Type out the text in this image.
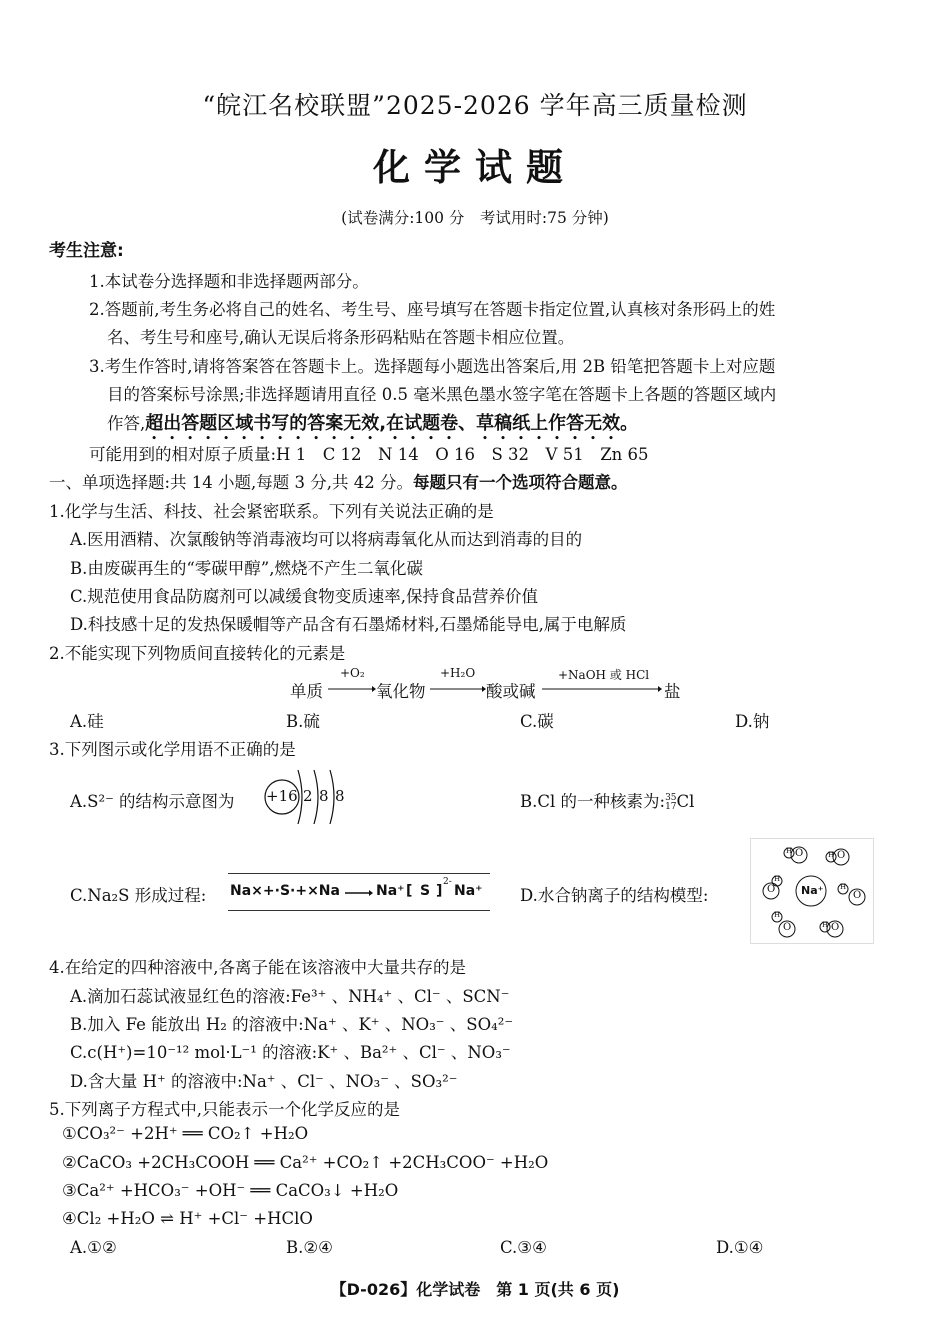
“皖江名校联盟”2025-2026 学年高三质量检测
化学试题
(试卷满分:100 分　考试用时:75 分钟)
考生注意:
1.本试卷分选择题和非选择题两部分。
2.答题前,考生务必将自己的姓名、考生号、座号填写在答题卡指定位置,认真核对条形码上的姓
名、考生号和座号,确认无误后将条形码粘贴在答题卡相应位置。
3.考生作答时,请将答案答在答题卡上。选择题每小题选出答案后,用 2B 铅笔把答题卡上对应题
目的答案标号涂黑;非选择题请用直径 0.5 毫米黑色墨水签字笔在答题卡上各题的答题区域内
作答,超出答题区域书写的答案无效,在试题卷、草稿纸上作答无效。
可能用到的相对原子质量:H 1　C 12　N 14　O 16　S 32　V 51　Zn 65
一、单项选择题:共 14 小题,每题 3 分,共 42 分。每题只有一个选项符合题意。
1.化学与生活、科技、社会紧密联系。下列有关说法正确的是
A.医用酒精、次氯酸钠等消毒液均可以将病毒氧化从而达到消毒的目的
B.由废碳再生的“零碳甲醇”,燃烧不产生二氧化碳
C.规范使用食品防腐剂可以减缓食物变质速率,保持食品营养价值
D.科技感十足的发热保暖帽等产品含有石墨烯材料,石墨烯能导电,属于电解质
2.不能实现下列物质间直接转化的元素是
单质
+O₂
氧化物
+H₂O
酸或碱
+NaOH 或 HCl
盐
A.硅	B.硫	C.碳	D.钠
3.下列图示或化学用语不正确的是
A.S²⁻ 的结构示意图为 +16 2 8 8	B.Cl 的一种核素为:35
17Cl
C.Na₂S 形成过程: Na×+·S·+×Na	Na⁺ [ S ]
2-
Na⁺ D.水合钠离子的结构模型:	Na⁺
O
H	O
H
O
H
O
H
O
H
O
H
4.在给定的四种溶液中,各离子能在该溶液中大量共存的是
A.滴加石蕊试液显红色的溶液:Fe³⁺ 、NH₄⁺ 、Cl⁻ 、SCN⁻
B.加入 Fe 能放出 H₂ 的溶液中:Na⁺ 、K⁺ 、NO₃⁻ 、SO₄²⁻
C.c(H⁺)=10⁻¹² mol·L⁻¹ 的溶液:K⁺ 、Ba²⁺ 、Cl⁻ 、NO₃⁻
D.含大量 H⁺ 的溶液中:Na⁺ 、Cl⁻ 、NO₃⁻ 、SO₃²⁻
5.下列离子方程式中,只能表示一个化学反应的是
①CO₃²⁻ +2H⁺ ══ CO₂↑ +H₂O
②CaCO₃ +2CH₃COOH ══ Ca²⁺ +CO₂↑ +2CH₃COO⁻ +H₂O
③Ca²⁺ +HCO₃⁻ +OH⁻ ══ CaCO₃↓ +H₂O
④Cl₂ +H₂O ⇌ H⁺ +Cl⁻ +HClO
A.①②	B.②④	C.③④	D.①④
【D-026】化学试卷　第 1 页(共 6 页)
